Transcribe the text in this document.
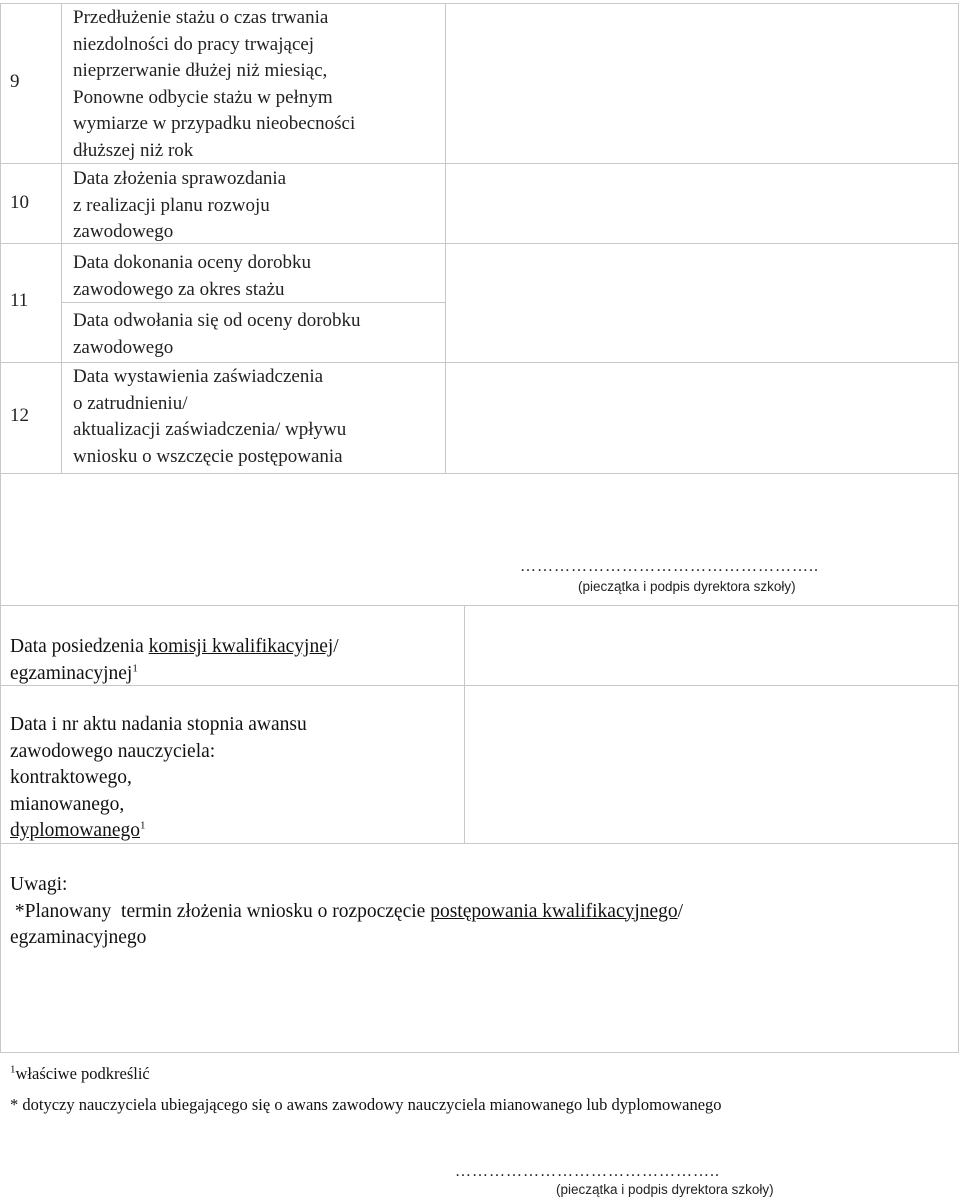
9
Przedłużenie stażu o czas trwania
niezdolności do pracy trwającej
nieprzerwanie dłużej niż miesiąc,
Ponowne odbycie stażu w pełnym
wymiarze w przypadku nieobecności
dłuższej niż rok
10
Data złożenia sprawozdania
z realizacji planu rozwoju
zawodowego
11
Data dokonania oceny dorobku
zawodowego za okres stażu
Data odwołania się od oceny dorobku
zawodowego
12
Data wystawienia zaświadczenia
o zatrudnieniu/
aktualizacji zaświadczenia/ wpływu
wniosku o wszczęcie postępowania
……………………………………………..
(pieczątka i podpis dyrektora szkoły)
Data posiedzenia komisji kwalifikacyjnej/
egzaminacyjnej$^1$
Data i nr aktu nadania stopnia awansu
zawodowego nauczyciela:
kontraktowego,
mianowanego,
dyplomowanego$^1$
Uwagi:
*Planowany  termin złożenia wniosku o rozpoczęcie postępowania kwalifikacyjnego/
egzaminacyjnego
$^1$właściwe podkreślić
* dotyczy nauczyciela ubiegającego się o awans zawodowy nauczyciela mianowanego lub dyplomowanego
………………………………………..
(pieczątka i podpis dyrektora szkoły)
